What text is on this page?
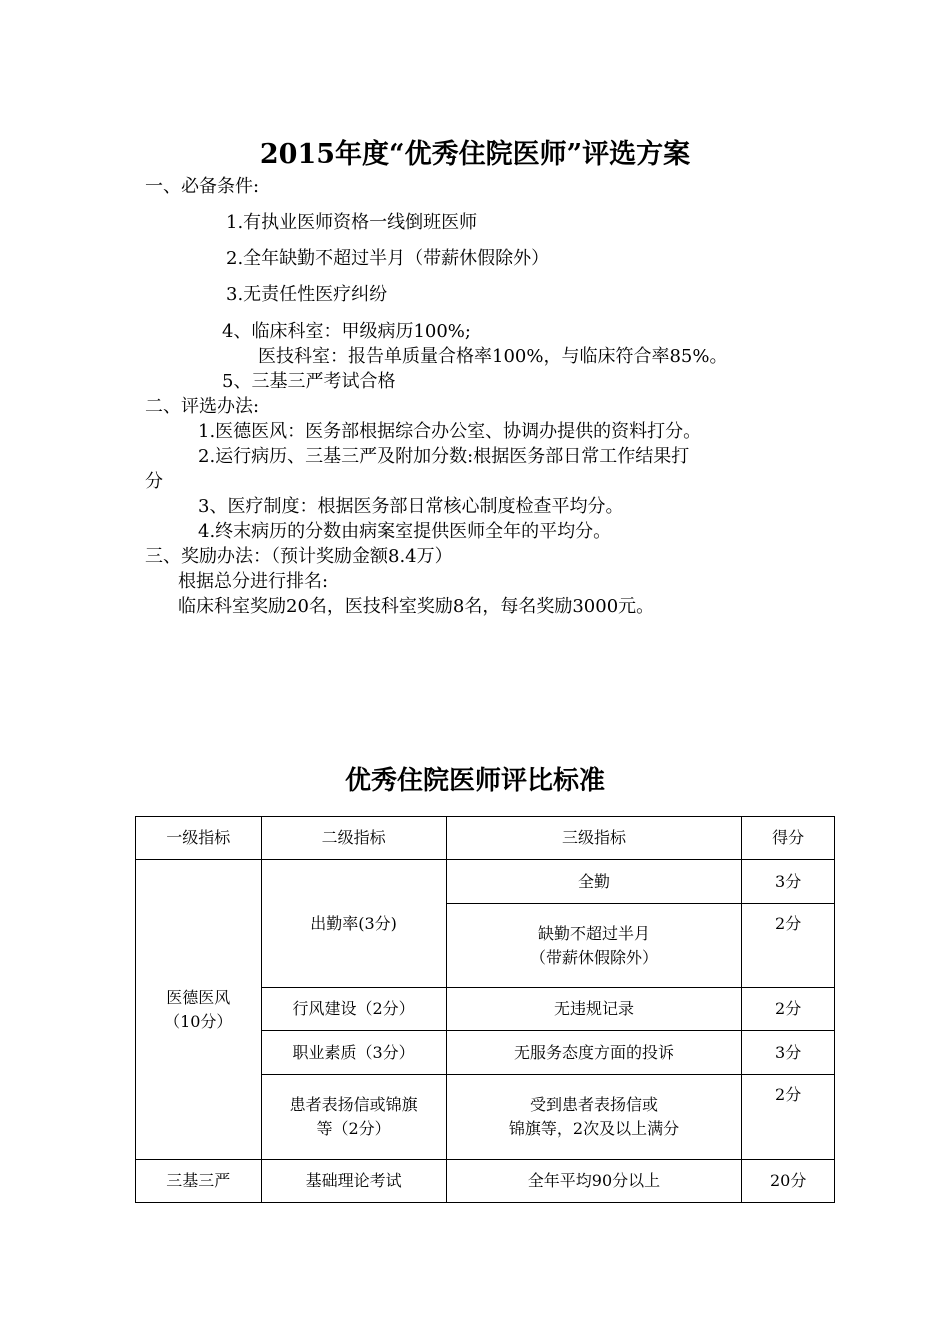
2015年度“优秀住院医师”评选方案
一、必备条件:
1.有执业医师资格一线倒班医师
2.全年缺勤不超过半月（带薪休假除外）
3.无责任性医疗纠纷
4、临床科室：甲级病历100%;
医技科室：报告单质量合格率100%，与临床符合率85%。
5、三基三严考试合格
二、评选办法:
1.医德医风：医务部根据综合办公室、协调办提供的资料打分。
2.运行病历、三基三严及附加分数:根据医务部日常工作结果打
分
3、医疗制度：根据医务部日常核心制度检查平均分。
4.终末病历的分数由病案室提供医师全年的平均分。
三、奖励办法：（预计奖励金额8.4万）
根据总分进行排名:
临床科室奖励20名，医技科室奖励8名，每名奖励3000元。
优秀住院医师评比标准
一级指标	二级指标	三级指标	得分

医德医风
（10分）	出勤率(3分)	全勤	3分

		缺勤不超过半月
（带薪休假除外）	2分
	行风建设（2分）	无违规记录	2分
	职业素质（3分）	无服务态度方面的投诉	3分

	患者表扬信或锦旗
等（2分）	受到患者表扬信或
锦旗等，2次及以上满分	2分
三基三严	基础理论考试	全年平均90分以上	20分
